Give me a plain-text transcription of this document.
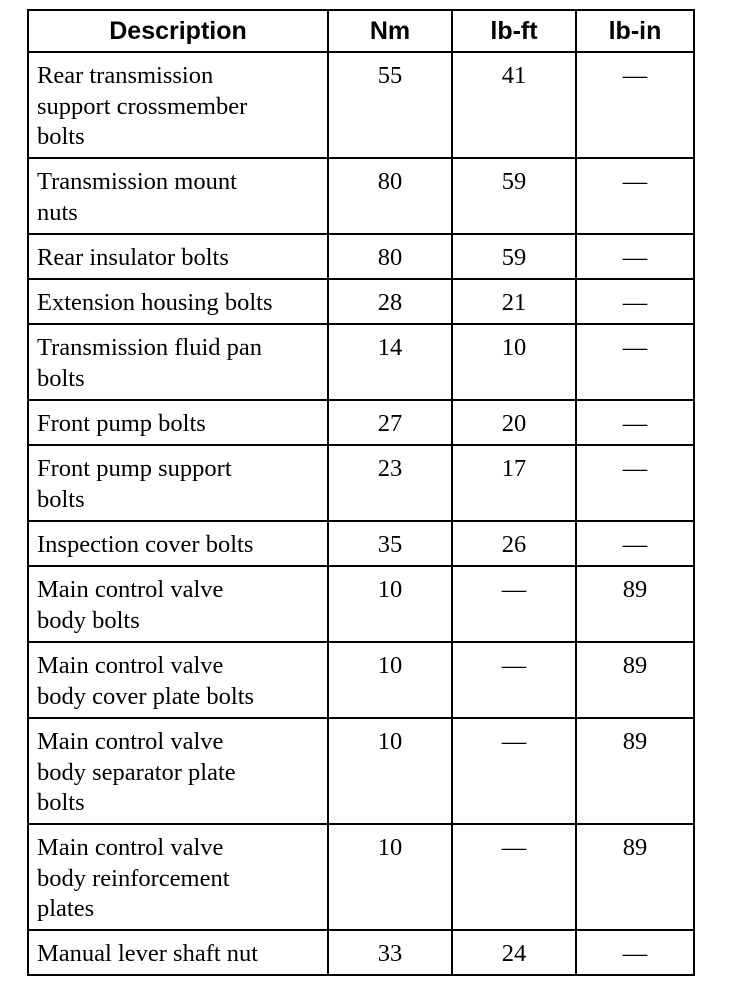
Description	Nm	lb-ft	lb-in
Rear transmission
support crossmember
bolts	55	41	—
Transmission mount
nuts	80	59	—
Rear insulator bolts	80	59	—
Extension housing bolts	28	21	—
Transmission fluid pan
bolts	14	10	—
Front pump bolts	27	20	—
Front pump support
bolts	23	17	—
Inspection cover bolts	35	26	—
Main control valve
body bolts	10	—	89
Main control valve
body cover plate bolts	10	—	89
Main control valve
body separator plate
bolts	10	—	89
Main control valve
body reinforcement
plates	10	—	89
Manual lever shaft nut	33	24	—
